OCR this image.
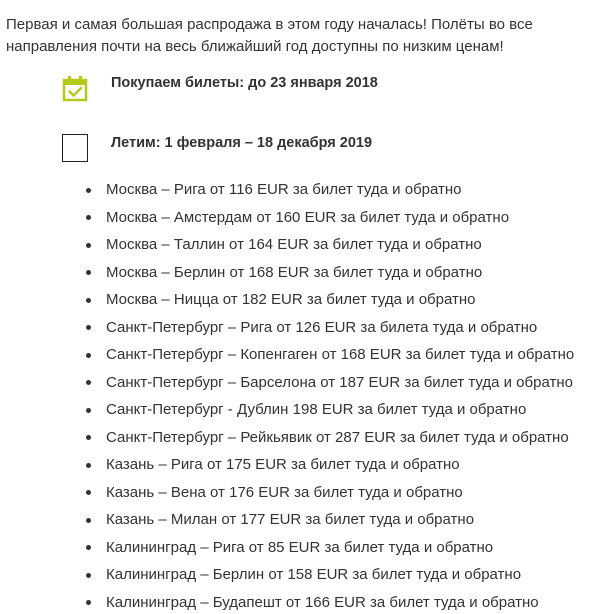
Первая и самая большая распродажа в этом году началась! Полёты во все направления почти на весь ближайший год доступны по низким ценам!

Покупаем билеты: до 23 января 2018
Летим: 1 февраля – 18 декабря 2019
Москва – Рига от 116 EUR за билет туда и обратно
Москва – Амстердам от 160 EUR за билет туда и обратно
Москва – Таллин от 164 EUR за билет туда и обратно
Москва – Берлин от 168 EUR за билет туда и обратно
Москва – Ницца от 182 EUR за билет туда и обратно
Санкт-Петербург – Рига от 126 EUR за билета туда и обратно
Санкт-Петербург – Копенгаген от 168 EUR за билет туда и обратно
Санкт-Петербург – Барселона от 187 EUR за билет туда и обратно
Санкт-Петербург - Дублин 198 EUR за билет туда и обратно
Санкт-Петербург – Рейкьявик от 287 EUR за билет туда и обратно
Казань – Рига от 175 EUR за билет туда и обратно
Казань – Вена от 176 EUR за билет туда и обратно
Казань – Милан от 177 EUR за билет туда и обратно
Калининград – Рига от 85 EUR за билет туда и обратно
Калининград – Берлин от 158 EUR за билет туда и обратно
Калининград – Будапешт от 166 EUR за билет туда и обратно
